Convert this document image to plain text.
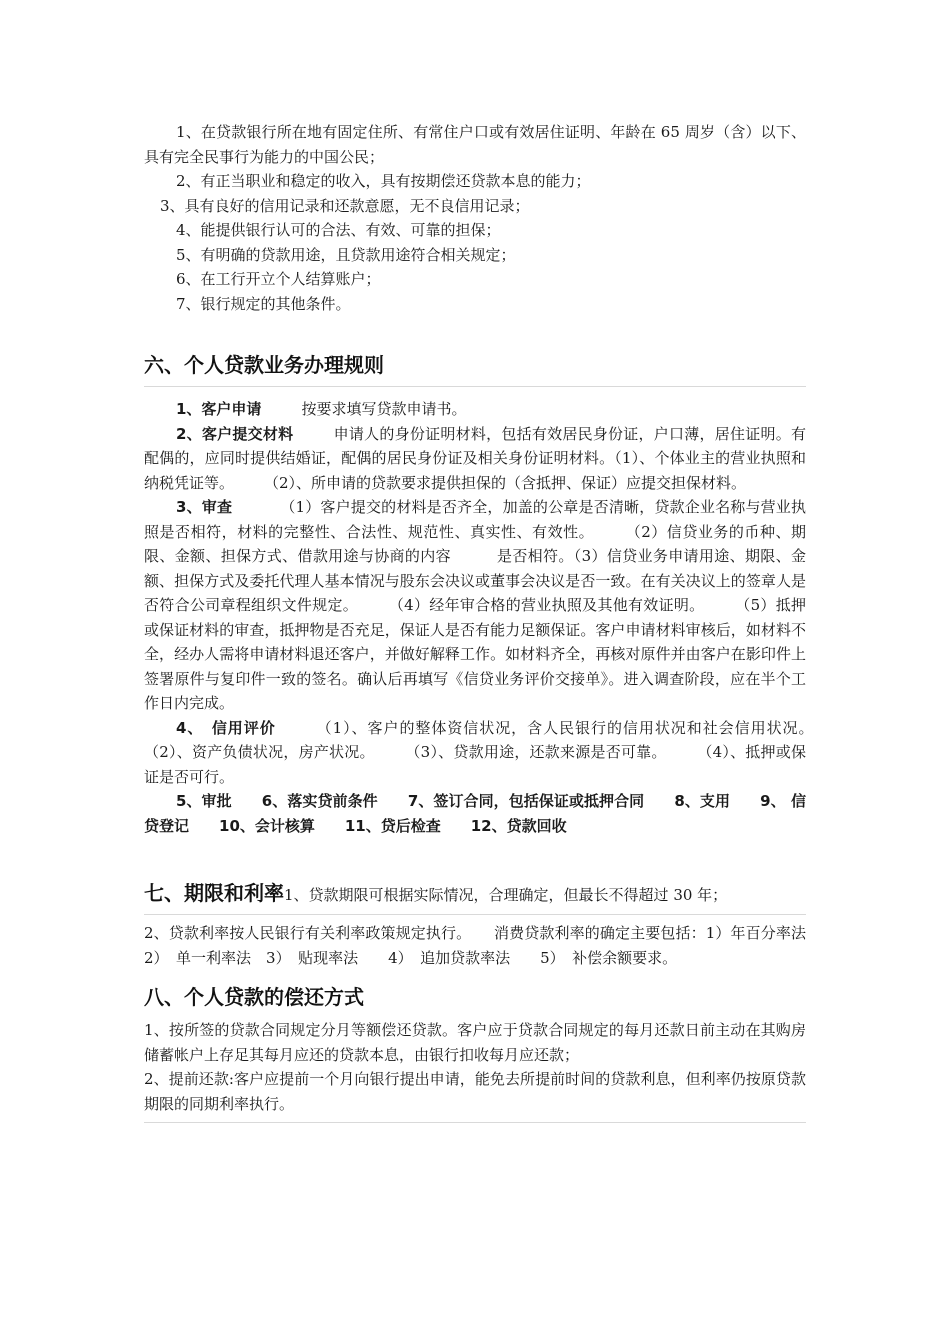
1、在贷款银行所在地有固定住所、有常住户口或有效居住证明、年龄在 65 周岁（含）以下、具有完全民事行为能力的中国公民；

2、有正当职业和稳定的收入，具有按期偿还贷款本息的能力；

3、具有良好的信用记录和还款意愿，无不良信用记录；

4、能提供银行认可的合法、有效、可靠的担保；

5、有明确的贷款用途，且贷款用途符合相关规定；

6、在工行开立个人结算账户；

7、银行规定的其他条件。

六、个人贷款业务办理规则

1、客户申请	按要求填写贷款申请书。

2、客户提交材料	申请人的身份证明材料，包括有效居民身份证，户口薄，居住证明。有配偶的，应同时提供结婚证，配偶的居民身份证及相关身份证明材料。（1）、个体业主的营业执照和纳税凭证等。　　　（2）、所申请的贷款要求提供担保的（含抵押、保证）应提交担保材料。

3、审查	（1）客户提交的材料是否齐全，加盖的公章是否清晰，贷款企业名称与营业执照是否相符，材料的完整性、合法性、规范性、真实性、有效性。　　　（2）信贷业务的币种、期限、金额、担保方式、借款用途与协商的内容　　　是否相符。（3）信贷业务申请用途、期限、金额、担保方式及委托代理人基本情况与股东会决议或董事会决议是否一致。在有关决议上的签章人是否符合公司章程组织文件规定。　　　（4）经年审合格的营业执照及其他有效证明。　　　（5）抵押或保证材料的审查，抵押物是否充足，保证人是否有能力足额保证。客户申请材料审核后，如材料不全，经办人需将申请材料退还客户，并做好解释工作。如材料齐全，再核对原件并由客户在影印件上签署原件与复印件一致的签名。确认后再填写《信贷业务评价交接单》。进入调查阶段，应在半个工作日内完成。

4、　信用评价	（1）、客户的整体资信状况，含人民银行的信用状况和社会信用状况。　　　（2）、资产负债状况，房产状况。　　　（3）、贷款用途，还款来源是否可靠。　　　（4）、抵押或保证是否可行。

5、审批　　6、落实贷前条件　　7、签订合同，包括保证或抵押合同　　8、支用　　9、 信贷登记　　10、会计核算　　11、贷后检查　　12、贷款回收

七、期限和利率1、贷款期限可根据实际情况，合理确定，但最长不得超过 30 年；

2、贷款利率按人民银行有关利率政策规定执行。　　消费贷款利率的确定主要包括：1）年百分率法 2）　单一利率法　3）　贴现率法　　4）　追加贷款率法　　5）　补偿余额要求。

八、个人贷款的偿还方式

1、按所签的贷款合同规定分月等额偿还贷款。客户应于贷款合同规定的每月还款日前主动在其购房储蓄帐户上存足其每月应还的贷款本息，由银行扣收每月应还款；

2、提前还款:客户应提前一个月向银行提出申请，能免去所提前时间的贷款利息，但利率仍按原贷款期限的同期利率执行。
